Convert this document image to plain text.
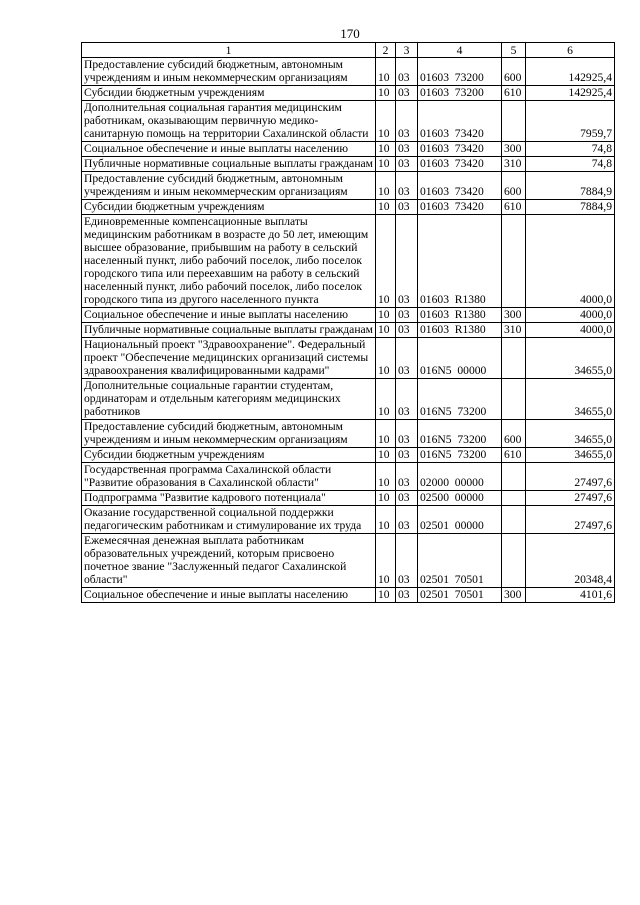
170
1	2	3	4	5	6
Предоставление субсидий бюджетным, автономным учреждениям и иным некоммерческим организациям	10	03	01603  73200	600	142925,4
Субсидии бюджетным учреждениям	10	03	01603  73200	610	142925,4
Дополнительная социальная гарантия медицинским работникам, оказывающим первичную медико-санитарную помощь на территории Сахалинской области	10	03	01603  73420		7959,7
Социальное обеспечение и иные выплаты населению	10	03	01603  73420	300	74,8
Публичные нормативные социальные выплаты гражданам	10	03	01603  73420	310	74,8
Предоставление субсидий бюджетным, автономным учреждениям и иным некоммерческим организациям	10	03	01603  73420	600	7884,9
Субсидии бюджетным учреждениям	10	03	01603  73420	610	7884,9
Единовременные компенсационные выплаты медицинским работникам в возрасте до 50 лет, имеющим высшее образование, прибывшим на работу в сельский населенный пункт, либо рабочий поселок, либо поселок городского типа или переехавшим на работу в сельский населенный пункт, либо рабочий поселок, либо поселок городского типа из другого населенного пункта	10	03	01603  R1380		4000,0
Социальное обеспечение и иные выплаты населению	10	03	01603  R1380	300	4000,0
Публичные нормативные социальные выплаты гражданам	10	03	01603  R1380	310	4000,0
Национальный проект "Здравоохранение". Федеральный проект "Обеспечение медицинских организаций системы здравоохранения квалифицированными кадрами"	10	03	016N5  00000		34655,0
Дополнительные социальные гарантии студентам, ординаторам и отдельным категориям медицинских работников	10	03	016N5  73200		34655,0
Предоставление субсидий бюджетным, автономным учреждениям и иным некоммерческим организациям	10	03	016N5  73200	600	34655,0
Субсидии бюджетным учреждениям	10	03	016N5  73200	610	34655,0
Государственная программа Сахалинской области "Развитие образования в Сахалинской области"	10	03	02000  00000		27497,6
Подпрограмма "Развитие кадрового потенциала"	10	03	02500  00000		27497,6
Оказание государственной социальной поддержки педагогическим работникам и стимулирование их труда	10	03	02501  00000		27497,6
Ежемесячная денежная выплата работникам образовательных учреждений, которым присвоено почетное звание "Заслуженный педагог Сахалинской области"	10	03	02501  70501		20348,4
Социальное обеспечение и иные выплаты населению	10	03	02501  70501	300	4101,6
